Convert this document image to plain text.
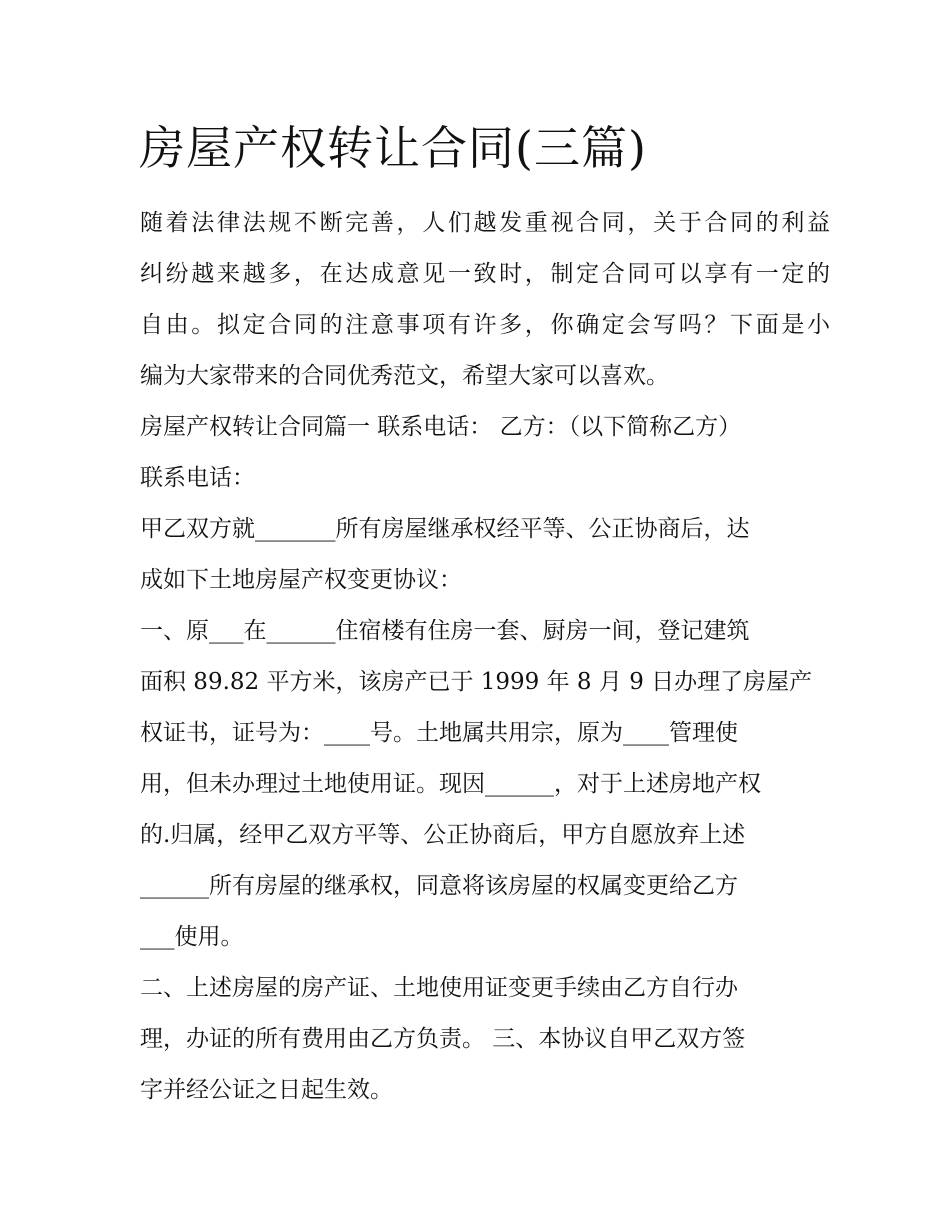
房屋产权转让合同(三篇)

随着法律法规不断完善，人们越发重视合同，关于合同的利益

纠纷越来越多，在达成意见一致时，制定合同可以享有一定的

自由。拟定合同的注意事项有许多，你确定会写吗？下面是小

编为大家带来的合同优秀范文，希望大家可以喜欢。

房屋产权转让合同篇一 联系电话： 乙方：（以下简称乙方）

联系电话：

甲乙双方就_______所有房屋继承权经平等、公正协商后，达

成如下土地房屋产权变更协议：

一、原___在______住宿楼有住房一套、厨房一间，登记建筑

面积 89.82 平方米，该房产已于 1999 年 8 月 9 日办理了房屋产

权证书，证号为：____号。土地属共用宗，原为____管理使

用，但未办理过土地使用证。现因______，对于上述房地产权

的.归属，经甲乙双方平等、公正协商后，甲方自愿放弃上述

______所有房屋的继承权，同意将该房屋的权属变更给乙方

___使用。

二、上述房屋的房产证、土地使用证变更手续由乙方自行办

理，办证的所有费用由乙方负责。 三、本协议自甲乙双方签

字并经公证之日起生效。
